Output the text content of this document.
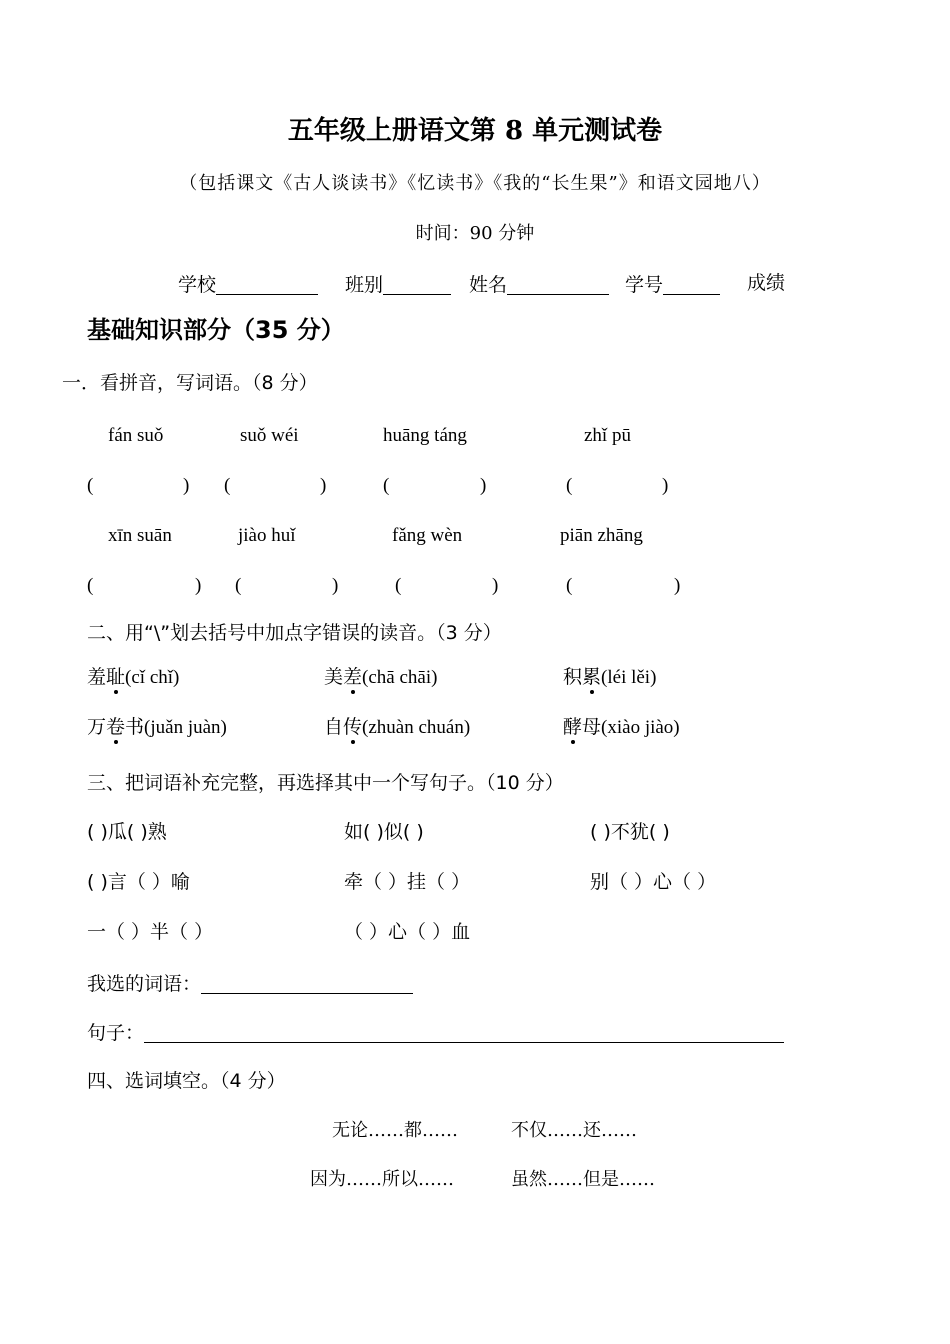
五年级上册语文第 8 单元测试卷
（包括课文《古人谈读书》《忆读书》《我的“长生果”》和语文园地八）
时间：90 分钟
学校	班别	姓名	学号	成绩
基础知识部分（35 分）
一．看拼音，写词语。（8 分）
fán suǒ	suǒ wéi	huāng táng	zhǐ pū
(	) (	)	(	)	(	)
xīn suān	jiào huǐ	fǎng wèn	piān zhāng
(	) (	)	(	)	(	)
二、用“\”划去括号中加点字错误的读音。（3 分）
羞耻(cǐ chǐ)	美差(chā chāi)	积累(léi lěi)
万卷书(juǎn juàn)	自传(zhuàn chuán)	酵母(xiào jiào)
三、把词语补充完整，再选择其中一个写句子。（10 分）
( )瓜( )熟	如( )似( )	( )不犹( )
( )言（ ）喻	牵（ ）挂（ ）	别（ ）心（ ）
一（ ）半（ ）	（ ）心（ ）血
我选的词语：
句子：
四、选词填空。（4 分）
无论……都……	不仅……还……
因为……所以……	虽然……但是……
